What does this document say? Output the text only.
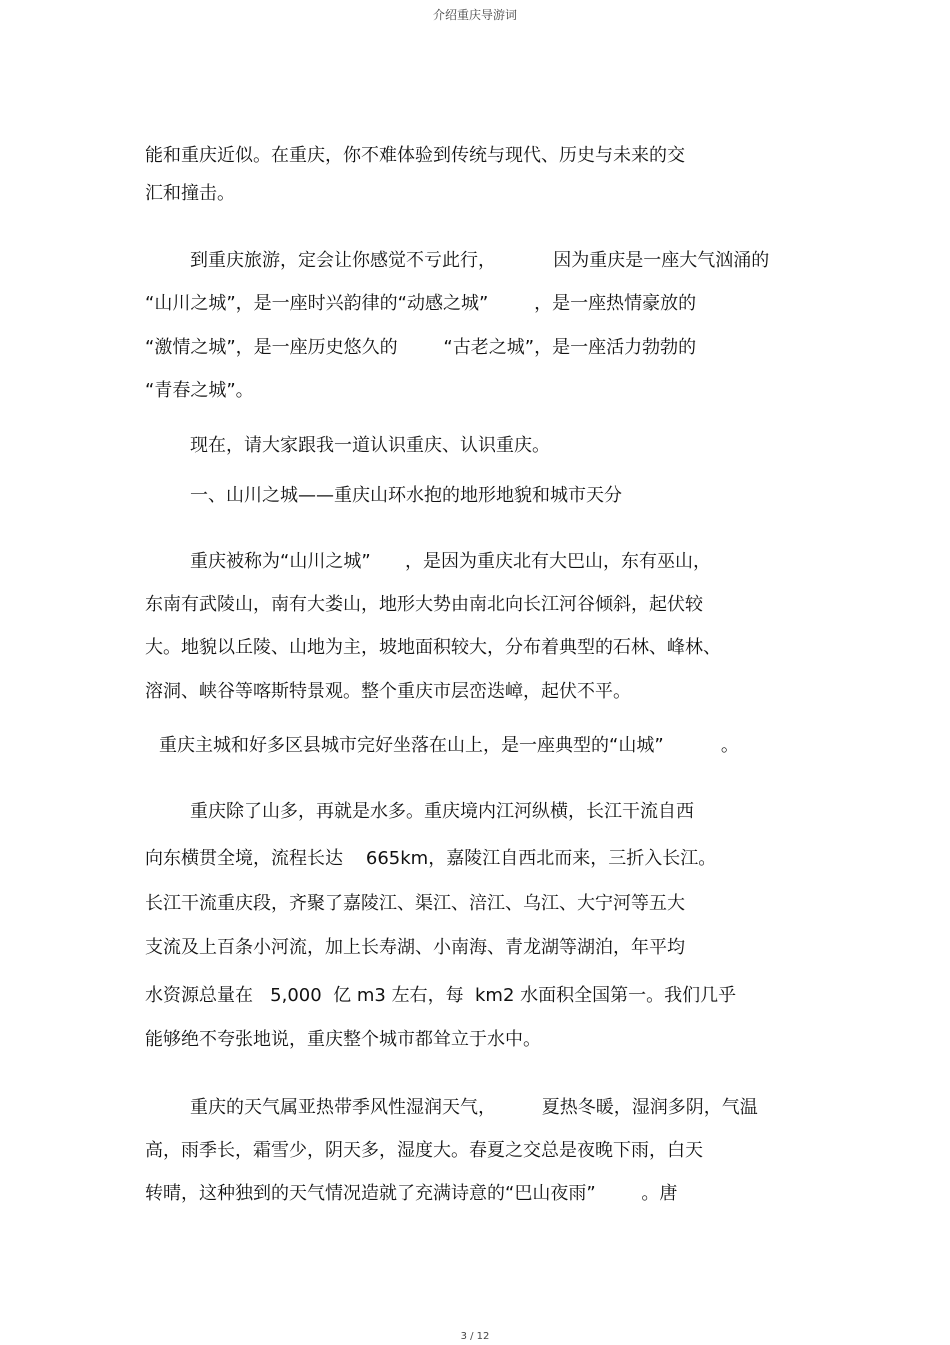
介绍重庆导游词
能和重庆近似。在重庆，你不难体验到传统与现代、历史与未来的交
汇和撞击。
到重庆旅游，定会让你感觉不亏此行，          因为重庆是一座大气汹涌的
“山川之城”，是一座时兴韵律的“动感之城”        ，是一座热情豪放的
“激情之城”，是一座历史悠久的        “古老之城”，是一座活力勃勃的
“青春之城”。
现在，请大家跟我一道认识重庆、认识重庆。
一、山川之城——重庆山环水抱的地形地貌和城市天分
重庆被称为“山川之城”      ，是因为重庆北有大巴山，东有巫山，
东南有武陵山，南有大娄山，地形大势由南北向长江河谷倾斜，起伏较
大。地貌以丘陵、山地为主，坡地面积较大，分布着典型的石林、峰林、
溶洞、峡谷等喀斯特景观。整个重庆市层峦迭嶂，起伏不平。
重庆主城和好多区县城市完好坐落在山上，是一座典型的“山城”          。
重庆除了山多，再就是水多。重庆境内江河纵横，长江干流自西
向东横贯全境，流程长达    665km，嘉陵江自西北而来，三折入长江。
长江干流重庆段，齐聚了嘉陵江、渠江、涪江、乌江、大宁河等五大
支流及上百条小河流，加上长寿湖、小南海、青龙湖等湖泊，年平均
水资源总量在   5,000  亿 m3 左右，每  km2 水面积全国第一。我们几乎
能够绝不夸张地说，重庆整个城市都耸立于水中。
重庆的天气属亚热带季风性湿润天气，        夏热冬暖，湿润多阴，气温
高，雨季长，霜雪少，阴天多，湿度大。春夏之交总是夜晚下雨，白天
转晴，这种独到的天气情况造就了充满诗意的“巴山夜雨”        。唐
3 / 12
